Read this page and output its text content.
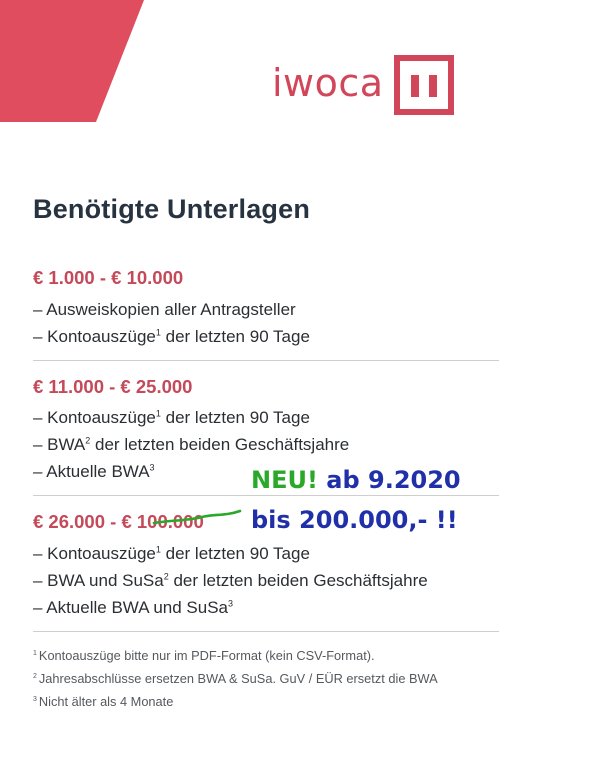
iwoca
Benötigte Unterlagen
€ 1.000 - € 10.000
– Ausweiskopien aller Antragsteller
– Kontoauszüge$^1$ der letzten 90 Tage
€ 11.000 - € 25.000
– Kontoauszüge$^1$ der letzten 90 Tage
– BWA$^2$ der letzten beiden Geschäftsjahre
– Aktuelle BWA$^3$
€ 26.000 - € 100.000
– Kontoauszüge$^1$ der letzten 90 Tage
– BWA und SuSa$^2$ der letzten beiden Geschäftsjahre
– Aktuelle BWA und SuSa$^3$
NEU! ab 9.2020
bis 200.000,- !!
$^1$ Kontoauszüge bitte nur im PDF-Format (kein CSV-Format).
$^2$ Jahresabschlüsse ersetzen BWA & SuSa. GuV / EÜR ersetzt die BWA
$^3$ Nicht älter als 4 Monate
